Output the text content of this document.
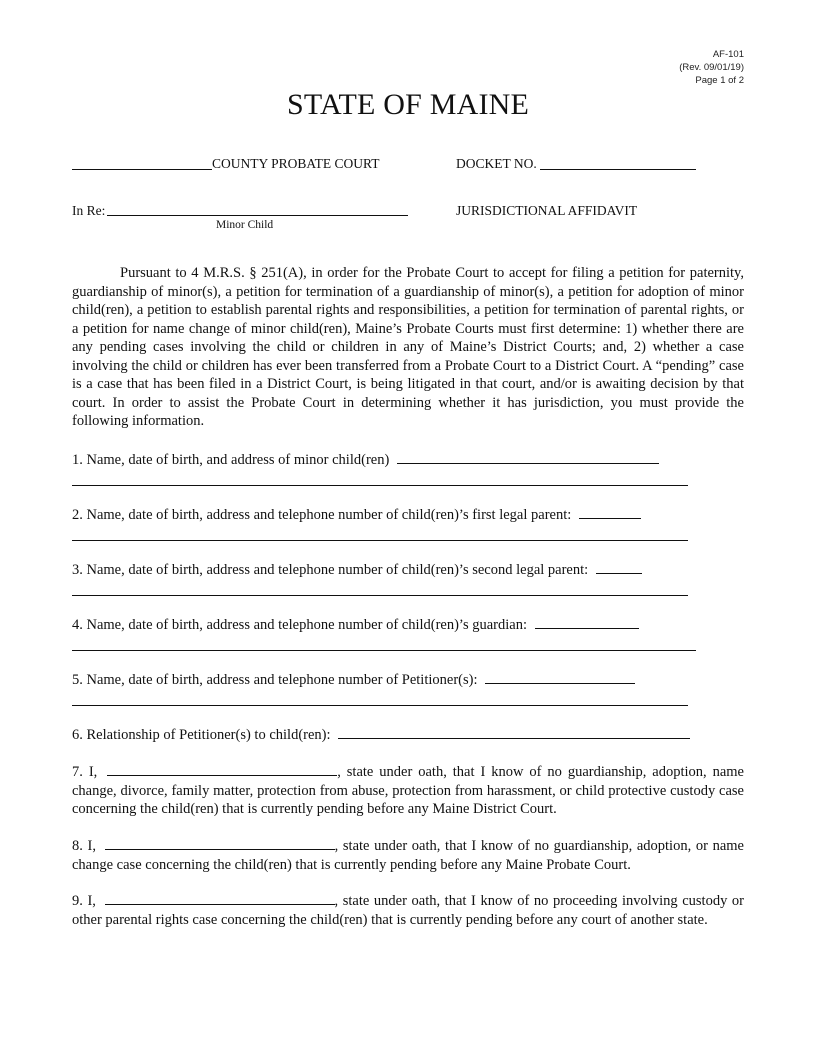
AF-101
(Rev. 09/01/19)
Page 1 of 2
STATE OF MAINE
COUNTY PROBATE COURT	DOCKET NO.
In Re:
Minor Child
JURISDICTIONAL AFFIDAVIT
Pursuant to 4 M.R.S. § 251(A), in order for the Probate Court to accept for filing a petition for paternity, guardianship of minor(s), a petition for termination of a guardianship of minor(s), a petition for adoption of minor child(ren), a petition to establish parental rights and responsibilities, a petition for termination of parental rights, or a petition for name change of minor child(ren), Maine’s Probate Courts must first determine: 1) whether there are any pending cases involving the child or children in any of Maine’s District Courts; and, 2) whether a case involving the child or children has ever been transferred from a Probate Court to a District Court. A “pending” case is a case that has been filed in a District Court, is being litigated in that court, and/or is awaiting decision by that court. In order to assist the Probate Court in determining whether it has jurisdiction, you must provide the following information.
1. Name, date of birth, and address of minor child(ren)
2. Name, date of birth, address and telephone number of child(ren)’s first legal parent:
3. Name, date of birth, address and telephone number of child(ren)’s second legal parent:
4. Name, date of birth, address and telephone number of child(ren)’s guardian:
5. Name, date of birth, address and telephone number of Petitioner(s):
6. Relationship of Petitioner(s) to child(ren):
7. I,	, state under oath, that I know of no guardianship, adoption, name change, divorce, family matter, protection from abuse, protection from harassment, or child protective custody case concerning the child(ren) that is currently pending before any Maine District Court.
8. I,	, state under oath, that I know of no guardianship, adoption, or name change case concerning the child(ren) that is currently pending before any Maine Probate Court.
9. I,	, state under oath, that I know of no proceeding involving custody or other parental rights case concerning the child(ren) that is currently pending before any court of another state.
